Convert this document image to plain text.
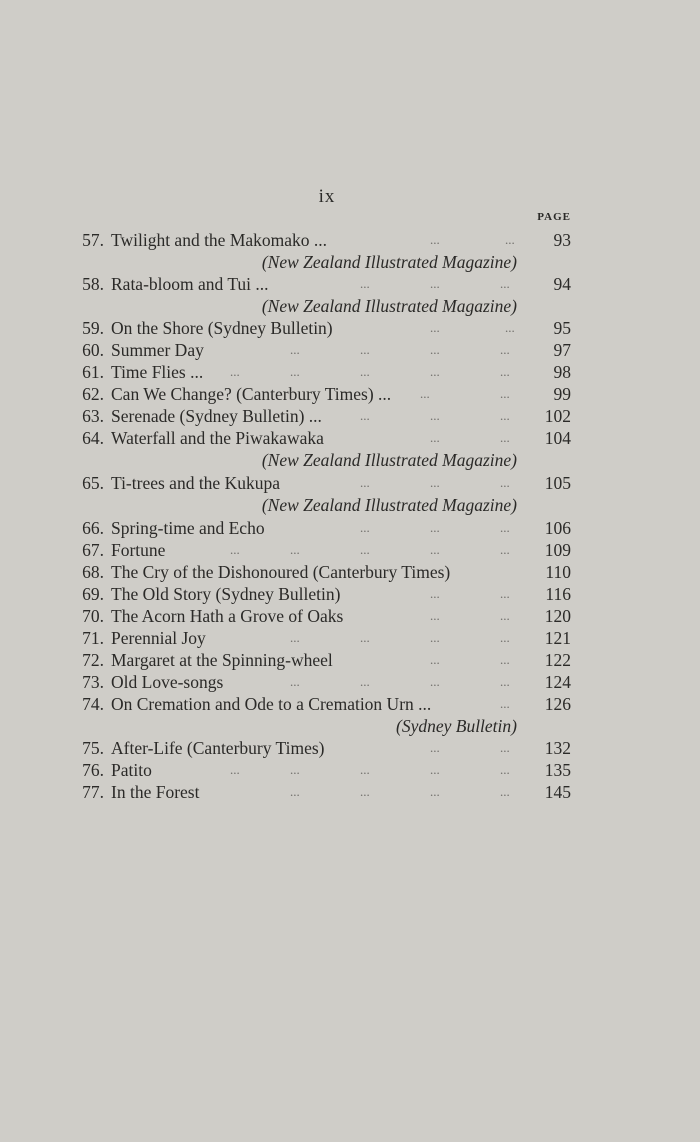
ix
PAGE
57. Twilight and the Makomako ...	...	...	93
(New Zealand Illustrated Magazine)
58. Rata-bloom and Tui ...	...	...	...	94
(New Zealand Illustrated Magazine)
59. On the Shore (Sydney Bulletin)	...	...	95
60. Summer Day	...	...	...	...	97
61. Time Flies ... ...	...	...	...	...	98
62. Can We Change? (Canterbury Times) ... ...	...	99
63. Serenade (Sydney Bulletin) ...	...	...	...	102
64. Waterfall and the Piwakawaka	...	...	104
(New Zealand Illustrated Magazine)
65. Ti-trees and the Kukupa	...	...	...	105
(New Zealand Illustrated Magazine)
66. Spring-time and Echo	...	...	...	106
67. Fortune	...	...	...	...	...	109
68. The Cry of the Dishonoured (Canterbury Times)	110
69. The Old Story (Sydney Bulletin)	...	...	116
70. The Acorn Hath a Grove of Oaks	...	...	120
71. Perennial Joy	...	...	...	...	121
72. Margaret at the Spinning-wheel	...	...	122
73. Old Love-songs	...	...	...	...	124
74. On Cremation and Ode to a Cremation Urn ...	...	126
(Sydney Bulletin)
75. After-Life (Canterbury Times)	...	...	132
76. Patito	...	...	...	...	...	135
77. In the Forest	...	...	...	...	145
